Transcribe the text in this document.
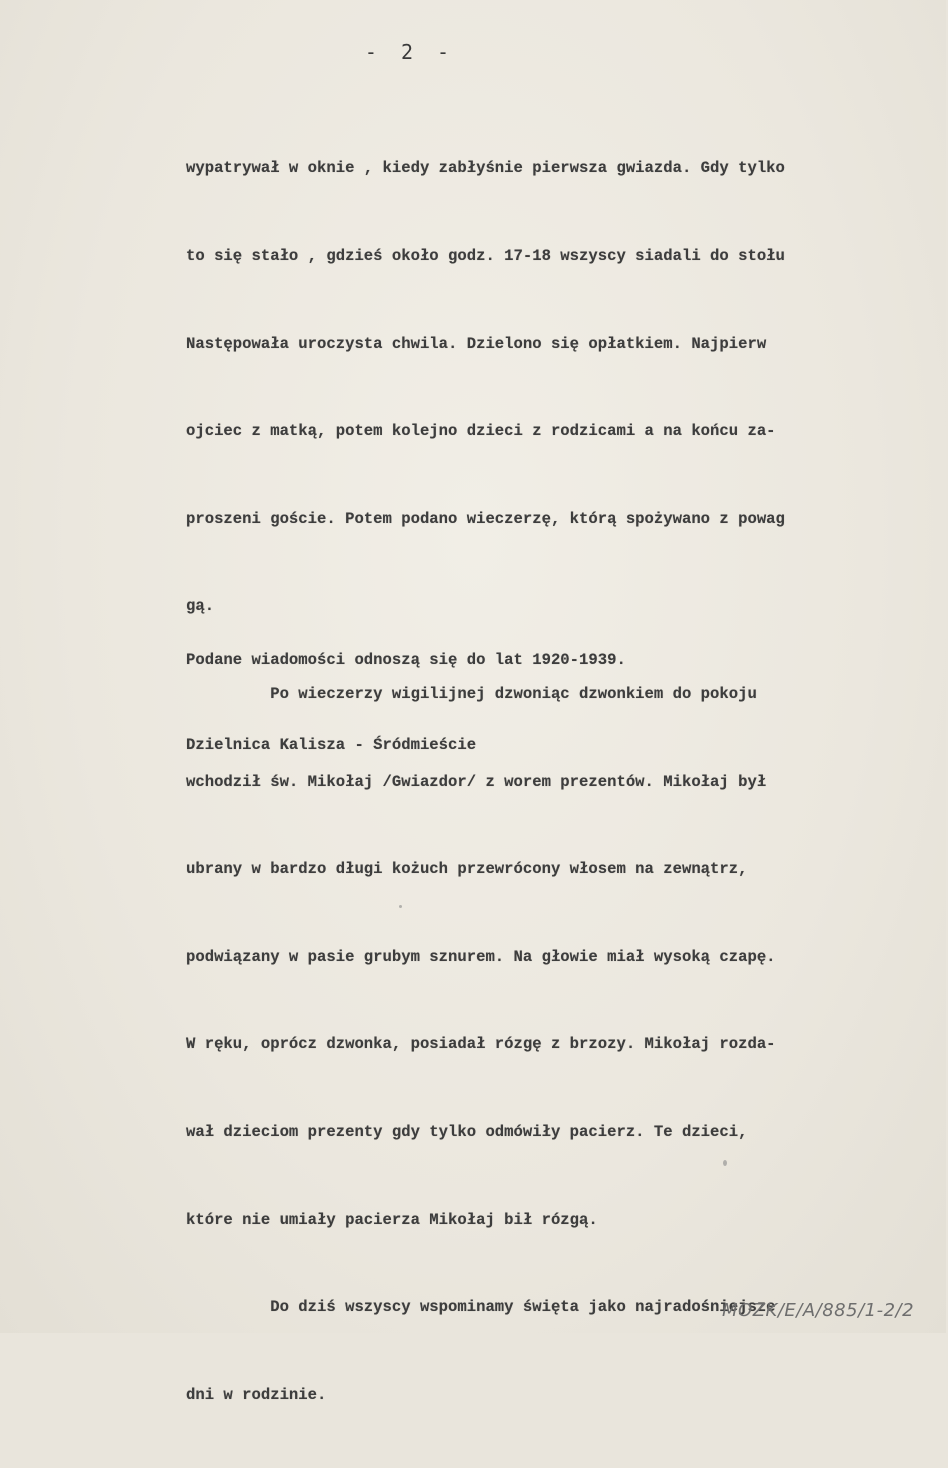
- 2 -

wypatrywał w oknie , kiedy zabłyśnie pierwsza gwiazda. Gdy tylko

to się stało , gdzieś około godz. 17-18 wszyscy siadali do stołu

Następowała uroczysta chwila. Dzielono się opłatkiem. Najpierw

ojciec z matką, potem kolejno dzieci z rodzicami a na końcu za-

proszeni goście. Potem podano wieczerzę, którą spożywano z powag

gą.

Po wieczerzy wigilijnej dzwoniąc dzwonkiem do pokoju

wchodził św. Mikołaj /Gwiazdor/ z worem prezentów. Mikołaj był

ubrany w bardzo długi kożuch przewrócony włosem na zewnątrz,

podwiązany w pasie grubym sznurem. Na głowie miał wysoką czapę.

W ręku, oprócz dzwonka, posiadał rózgę z brzozy. Mikołaj rozda-

wał dzieciom prezenty gdy tylko odmówiły pacierz. Te dzieci,

które nie umiały pacierza Mikołaj bił rózgą.

Do dziś wszyscy wspominamy święta jako najradośniejsze

dni w rodzinie.

Podane wiadomości odnoszą się do lat 1920-1939.

Dzielnica Kalisza - Śródmieście

MOZK/E/A/885/1-2/2
